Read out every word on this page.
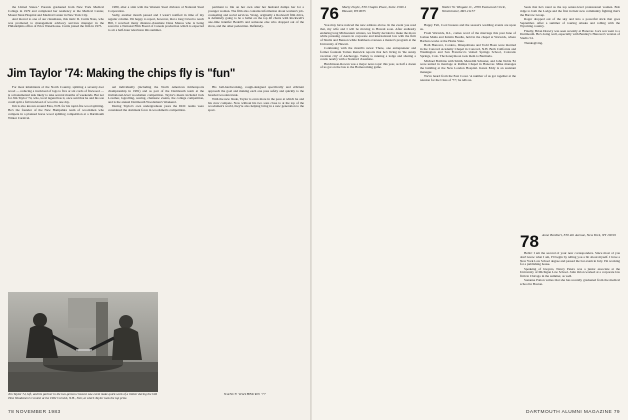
the United States." Parents graduated from New York Medical College in 1979 and completed her residency at the Medical Center, Mount Sinai Hospital and Medical Center in New York City.

And moved to one of our classmates, this item: D. Curtis Nass, who was promoted to management advisory services manager in the Philadelphia office of Price Waterhouse. Curtis joined the firm in 1975.

1980, after a stint with the Western Steel division of National Steel Corporation.

Sadly, another month passed and I wasn't notified in time of my regular column. I'm happy to report, however, that a long I tried to reach Bill, I received many distance-classmate Dana Manos who is being saved in a National Film Board of Canada production which is expected to air a half-hour television this summer.

partment to file on her own after her husband dumps her for a younger woman. The film also contains information about women's job-counseling and social services. Wong, originally a Rockwell film drive, is definitely going to be a ballet on the top 40 charts with Rockwell's one-time Jennifer Bedell's and someone else who dropped out of the show, and the other pedestrian. Definitely.

Jim Taylor '74: Making the chips fly is "fun"

For most inhabitants of the North Country, splitting a seventy-foot wood — reducing a truckload of logs to five or six cords of firewood — is a monumental task likely to take several months of weekends. But not for Jim Taylor '74, who, local legend has it, once said that he and his son could split a full truckload of wood in one day.

Jim is also known around Etna, N.H. for his rapid-fire wood splitting. He's the founder of the New Hampshire team of woodsmen who compete in a planned horse wood splitting competition at a Dartmouth Winter Carnival.

ual individually (including the North American timbersports championship in 1981) and as part of the Dartmouth team at the invitational-level woodsmen competition. Taylor's meets included Jack Lowther, logrolling, sawing, chainsaw events, the college competition, and is the annual Dartmouth Woodsmen's Weekend.

During Taylor's own undergraduate years the DOC teams were considered the dominant force in woodsmen's competition.

His bell-hardworking, rough-designed specifically and efficient approach the goal and making each one pass safely and quickly to the bearded wooden trunk.

With the new blade, Taylor is even more in the pace at which he and his crew compete. Now without his two sons close to at the top of the woodsmen's world, they're also helping bring in a new generation to the sport.

Jim Taylor 74, left, and his partner in the two-person crosscut saw event make quick work of a timber during the Old Time Woodsmen's Contest at the 1982 Cornish, N.H., Fair, at which Taylor took the top prize.
NANCY WASHBURN '77
78 NOVEMBER 1983
76 Marty Doyle, 330 Chapin Place, Suite 1500-1 Hawaii, HI 9635

You may have noticed the new address above. In the event you read that, my wife and I will be moving to Hawaii soon. After endlessly enduring long Midwestern winters, we finally decided to make the move while pursuing careers in corporate and international law with the firm of Shultz and Benson while Kathleen oversees a master's program at the University of Hawaii.

Continuing with the month's news: There, one entrepreneur and former fountain Tomas Renwick reports that he's living in 'the sunny vacation city' of Anchorage. Tomey is running a lodge and sharing a condo nearby with a Stanford classmate.

Hutchinson-Rowan was a major news topic this year, as half a dozen of us got on the bus to the Homecoming game.

77 Walter W. Wingate Jr., 4709 Eastwood Circle, Westminster, MD 21157

Happy Fall, Cool breezes and the season's wedding events are upon us.

From Warwick, R.I., comes word of the marriage this past June of Joshua Muha and Kristin Beadle, held in the chapel at Warwick, where Barbara works at the Home State.

Both Hanover, Cordero, Dinapolitana and Todd Hoen were married in the Concord Academy Chapel in Concord, N.H. Both California and Washington and San Francisco's visited Springs School, Colorado Springs, Colo. The honeymoon took them to Bermuda.

Michael Bobbins with Smith, Meredith Schuster, and John Noble '81 were united in marriage at Rollins Chapel in Hanover. Mike manages the building at the New London Hospital. Karen Eddy is an assistant manager.

We've heard from the East Coast. 'A number of us got together at the reunion for the Class of '77,' he tells us.

Seats that he's rated as the top senior-level professional women. Bob ridge to both the Lodge and the first in their new community fighting that's the Barrow Group.

Roger dropped out of the sky and into a powerful stick that goes September. After a summer of touring Alaska and rolling with the Wyoming country.

Finally, Brian Drewry was seen recently at Hanover. Joe's son went to a Dartmouth. He's doing well, especially with Bentley's Hanover's version of Studio 54.

Thanksgiving.

78 Anne Bordieri, 330 4th Avenue, New York, NY 10019

Hello! I am the second of your new corresponders. Since most of you don't know what I am, I'll begin by telling you a bit about myself. I have a New York Law School degree and passed the bar exam in July. I'm working for a publishing house.

Speaking of lawyers, Nancy Peters was a junior associate at the University of Michigan Law School. John Orton worked at a corporate law firm in Chicago in the summer, as well.

Suzanne Patton writes that she has recently graduated from the medical school in Boston.

DARTMOUTH ALUMNI MAGAZINE 79
